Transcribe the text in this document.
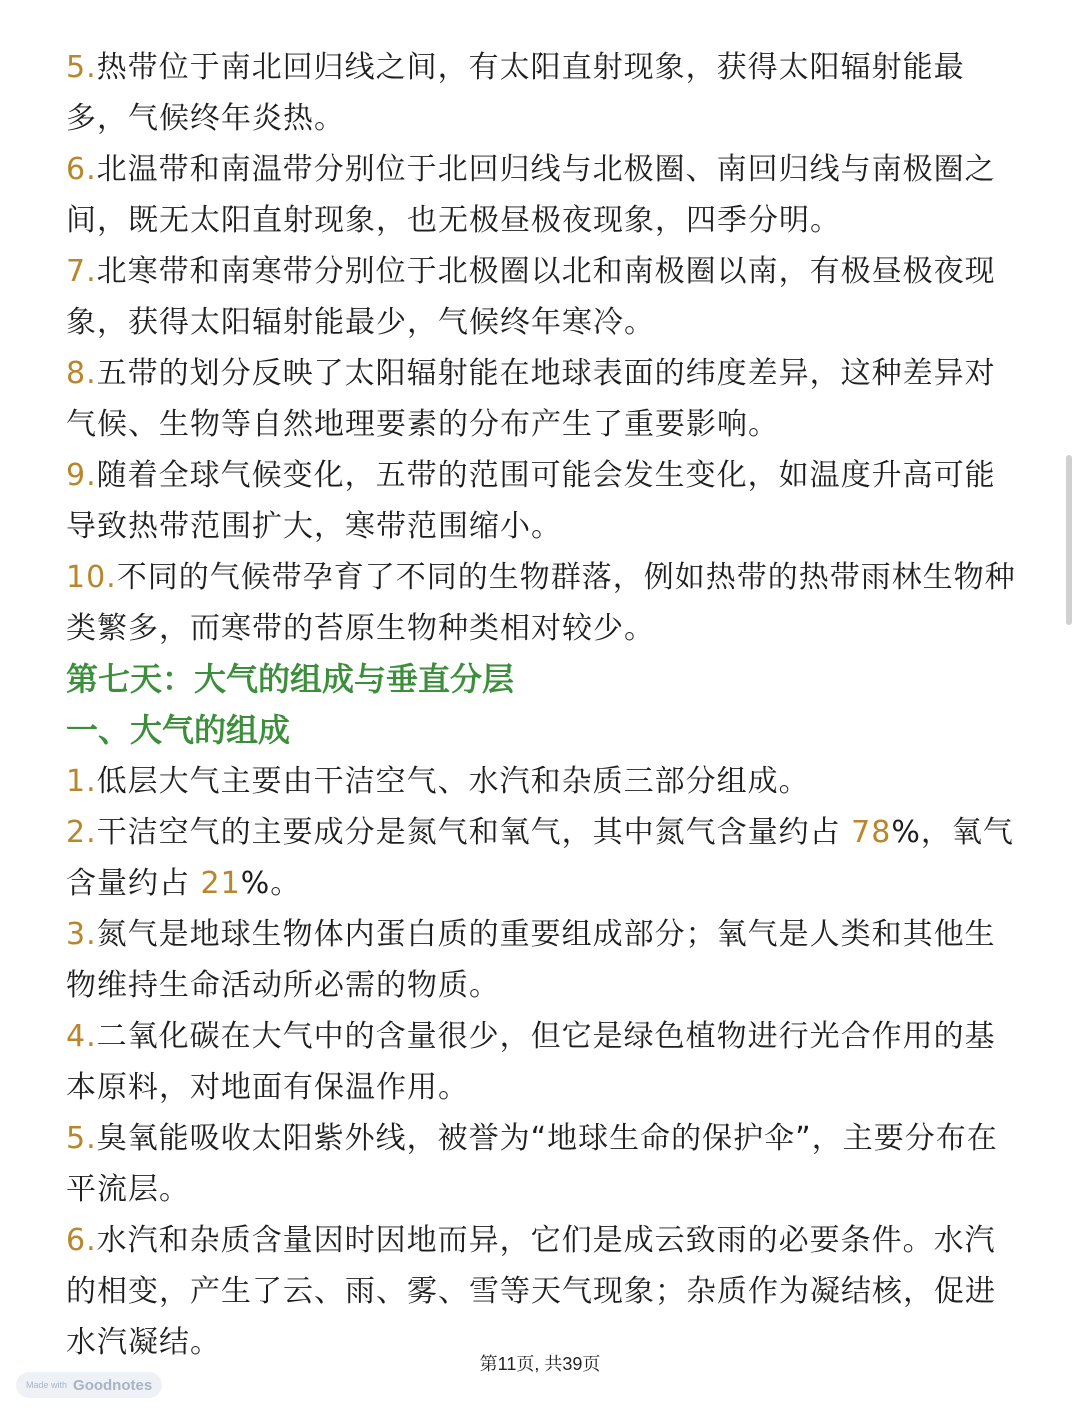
5.热带位于南北回归线之间，有太阳直射现象，获得太阳辐射能最多，气候终年炎热。

6.北温带和南温带分别位于北回归线与北极圈、南回归线与南极圈之间，既无太阳直射现象，也无极昼极夜现象，四季分明。

7.北寒带和南寒带分别位于北极圈以北和南极圈以南，有极昼极夜现象，获得太阳辐射能最少，气候终年寒冷。

8.五带的划分反映了太阳辐射能在地球表面的纬度差异，这种差异对气候、生物等自然地理要素的分布产生了重要影响。

9.随着全球气候变化，五带的范围可能会发生变化，如温度升高可能导致热带范围扩大，寒带范围缩小。

10.不同的气候带孕育了不同的生物群落，例如热带的热带雨林生物种类繁多，而寒带的苔原生物种类相对较少。

第七天：大气的组成与垂直分层
一、大气的组成

1.低层大气主要由干洁空气、水汽和杂质三部分组成。

2.干洁空气的主要成分是氮气和氧气，其中氮气含量约占 78%，氧气含量约占 21%。

3.氮气是地球生物体内蛋白质的重要组成部分；氧气是人类和其他生物维持生命活动所必需的物质。

4.二氧化碳在大气中的含量很少，但它是绿色植物进行光合作用的基本原料，对地面有保温作用。

5.臭氧能吸收太阳紫外线，被誉为“地球生命的保护伞”，主要分布在平流层。

6.水汽和杂质含量因时因地而异，它们是成云致雨的必要条件。水汽的相变，产生了云、雨、雾、雪等天气现象；杂质作为凝结核，促进水汽凝结。

第11页, 共39页
Made with Goodnotes
